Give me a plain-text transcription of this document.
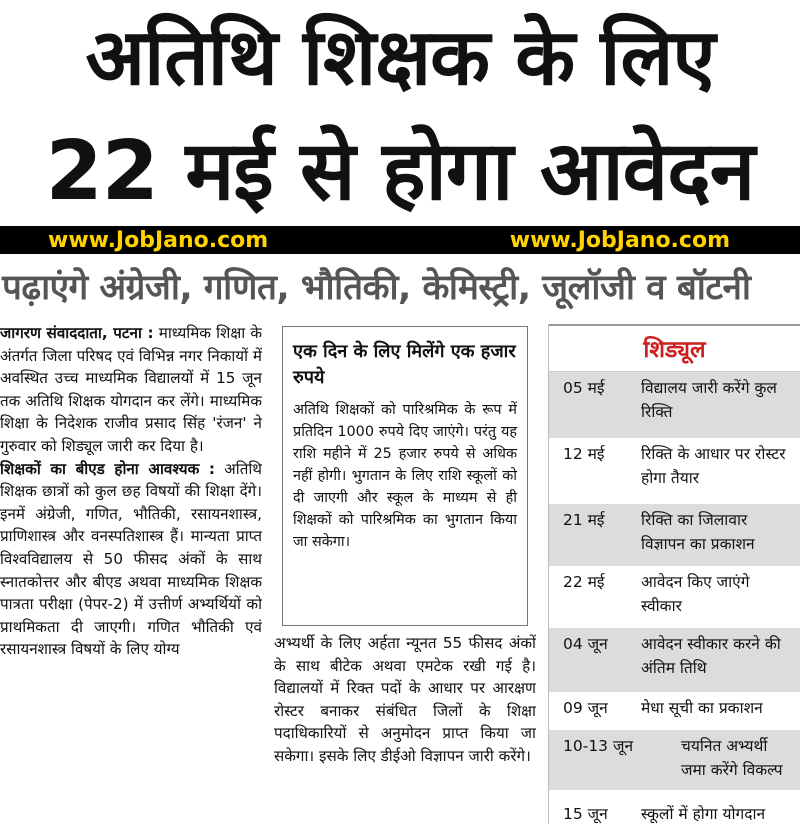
अतिथि शिक्षक के लिए
22 मई से होगा आवेदन
www.JobJano.com	www.JobJano.com
पढ़ाएंगे अंग्रेजी, गणित, भौतिकी, केमिस्ट्री, जूलॉजी व बॉटनी

जागरण संवाददाता, पटना : माध्यमिक शिक्षा के अंतर्गत जिला परिषद एवं विभिन्न नगर निकायों में अवस्थित उच्च माध्यमिक विद्यालयों में 15 जून तक अतिथि शिक्षक योगदान कर लेंगे। माध्यमिक शिक्षा के निदेशक राजीव प्रसाद सिंह 'रंजन' ने गुरुवार को शिड्यूल जारी कर दिया है।

शिक्षकों का बीएड होना आवश्यक : अतिथि शिक्षक छात्रों को कुल छह विषयों की शिक्षा देंगे। इनमें अंग्रेजी, गणित, भौतिकी, रसायनशास्त्र, प्राणिशास्त्र और वनस्पतिशास्त्र हैं। मान्यता प्राप्त विश्वविद्यालय से 50 फीसद अंकों के साथ स्नातकोत्तर और बीएड अथवा माध्यमिक शिक्षक पात्रता परीक्षा (पेपर-2) में उत्तीर्ण अभ्यर्थियों को प्राथमिकता दी जाएगी। गणित भौतिकी एवं रसायनशास्त्र विषयों के लिए योग्य

एक दिन के लिए मिलेंगे एक हजार रुपये
अतिथि शिक्षकों को पारिश्रमिक के रूप में प्रतिदिन 1000 रुपये दिए जाएंगे। परंतु यह राशि महीने में 25 हजार रुपये से अधिक नहीं होगी। भुगतान के लिए राशि स्कूलों को दी जाएगी और स्कूल के माध्यम से ही शिक्षकों को पारिश्रमिक का भुगतान किया जा सकेगा।

अभ्यर्थी के लिए अर्हता न्यूनत 55 फीसद अंकों के साथ बीटेक अथवा एमटेक रखी गई है। विद्यालयों में रिक्त पदों के आधार पर आरक्षण रोस्टर बनाकर संबंधित जिलों के शिक्षा पदाधिकारियों से अनुमोदन प्राप्त किया जा सकेगा। इसके लिए डीईओ विज्ञापन जारी करेंगे।

शिड्यूल
05 मई	विद्यालय जारी करेंगे कुल रिक्ति
12 मई	रिक्ति के आधार पर रोस्टर होगा तैयार
21 मई	रिक्ति का जिलावार विज्ञापन का प्रकाशन
22 मई	आवेदन किए जाएंगे स्वीकार
04 जून	आवेदन स्वीकार करने की अंतिम तिथि
09 जून	मेधा सूची का प्रकाशन
10-13 जून	चयनित अभ्यर्थी जमा करेंगे विकल्प
15 जून	स्कूलों में होगा योगदान
